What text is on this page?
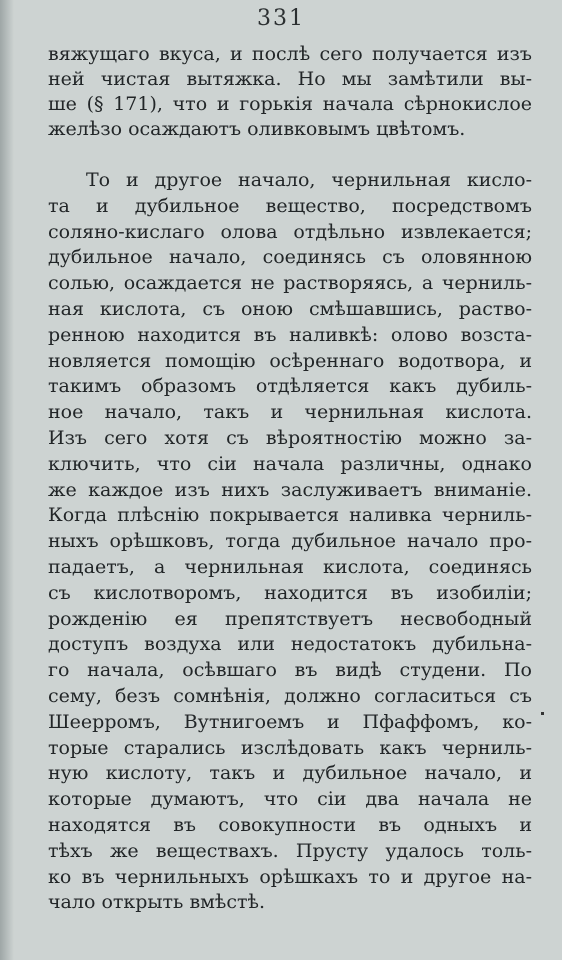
331
вяжущаго вкуса, и послѣ сего получается изъ
ней чистая вытяжка. Но мы замѣтили вы-
ше (§ 171), что и горькія начала сѣрнокислое
желѣзо осаждаютъ оливковымъ цвѣтомъ.
То и другое начало, чернильная кисло-
та и дубильное вещество, посредствомъ
соляно-кислаго олова отдѣльно извлекается;
дубильное начало, соединясь съ оловянною
солью, осаждается не растворяясь, а черниль-
ная кислота, съ оною смѣшавшись, раство-
ренною находится въ наливкѣ: олово возста-
новляется помощію осѣреннаго водотвора, и
такимъ образомъ отдѣляется какъ дубиль-
ное начало, такъ и чернильная кислота.
Изъ сего хотя съ вѣроятностію можно за-
ключить, что сіи начала различны, однако
же каждое изъ нихъ заслуживаетъ вниманіе.
Когда плѣснію покрывается наливка черниль-
ныхъ орѣшковъ, тогда дубильное начало про-
падаетъ, а чернильная кислота, соединясь
съ кислотворомъ, находится въ изобиліи;
рожденію ея препятствуетъ несвободный
доступъ воздуха или недостатокъ дубильна-
го начала, осѣвшаго въ видѣ студени. По
сему, безъ сомнѣнія, должно согласиться съ
Шеерромъ, Вутнигоемъ и Пфаффомъ, ко-
торые старались изслѣдовать какъ черниль-
ную кислоту, такъ и дубильное начало, и
которые думаютъ, что сіи два начала не
находятся въ совокупности въ одныхъ и
тѣхъ же веществахъ. Прусту удалось толь-
ко въ чернильныхъ орѣшкахъ то и другое на-
чало открыть вмѣстѣ.
